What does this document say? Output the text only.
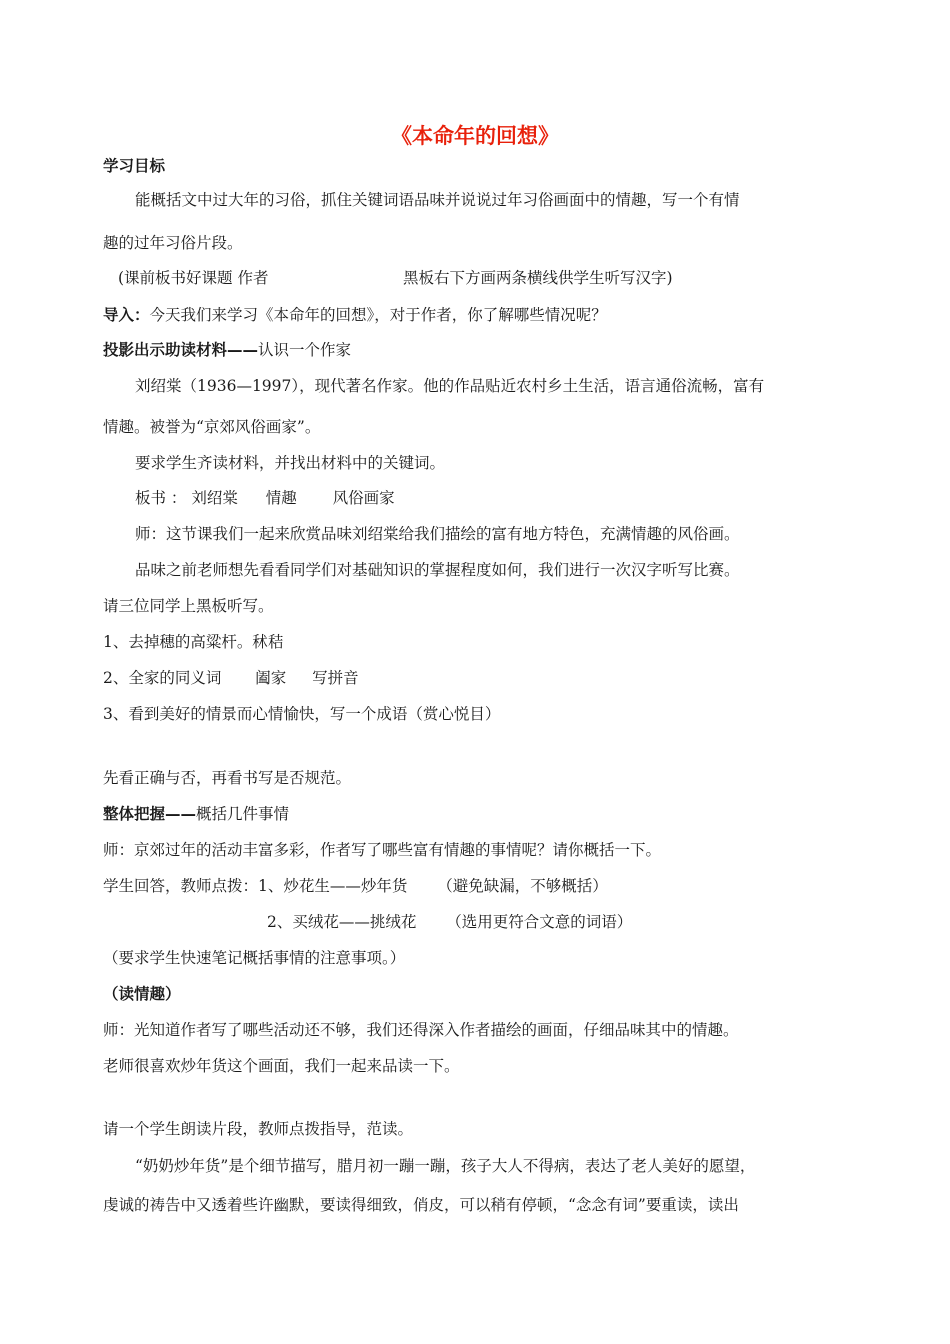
《本命年的回想》
学习目标
能概括文中过大年的习俗，抓住关键词语品味并说说过年习俗画面中的情趣，写一个有情
趣的过年习俗片段。
(课前板书好课题 作者	黑板右下方画两条横线供学生听写汉字)
导入：今天我们来学习《本命年的回想》，对于作者，你了解哪些情况呢？
投影出示助读材料——认识一个作家
刘绍棠（1936—1997），现代著名作家。他的作品贴近农村乡土生活，语言通俗流畅，富有
情趣。被誉为“京郊风俗画家”。
要求学生齐读材料，并找出材料中的关键词。
板书 ： 刘绍棠 情趣 风俗画家
师：这节课我们一起来欣赏品味刘绍棠给我们描绘的富有地方特色，充满情趣的风俗画。
品味之前老师想先看看同学们对基础知识的掌握程度如何，我们进行一次汉字听写比赛。
请三位同学上黑板听写。
1、去掉穗的高粱杆。秫秸
2、全家的同义词 阖家 写拼音
3、看到美好的情景而心情愉快，写一个成语（赏心悦目）
先看正确与否，再看书写是否规范。
整体把握——概括几件事情
师：京郊过年的活动丰富多彩，作者写了哪些富有情趣的事情呢？请你概括一下。
学生回答，教师点拨：1、炒花生——炒年货 （避免缺漏，不够概括）
2、买绒花——挑绒花 （选用更符合文意的词语）
（要求学生快速笔记概括事情的注意事项。）
（读情趣）
师：光知道作者写了哪些活动还不够，我们还得深入作者描绘的画面，仔细品味其中的情趣。
老师很喜欢炒年货这个画面，我们一起来品读一下。
请一个学生朗读片段，教师点拨指导，范读。
“奶奶炒年货”是个细节描写，腊月初一蹦一蹦，孩子大人不得病，表达了老人美好的愿望，
虔诚的祷告中又透着些许幽默，要读得细致，俏皮，可以稍有停顿，“念念有词”要重读，读出
